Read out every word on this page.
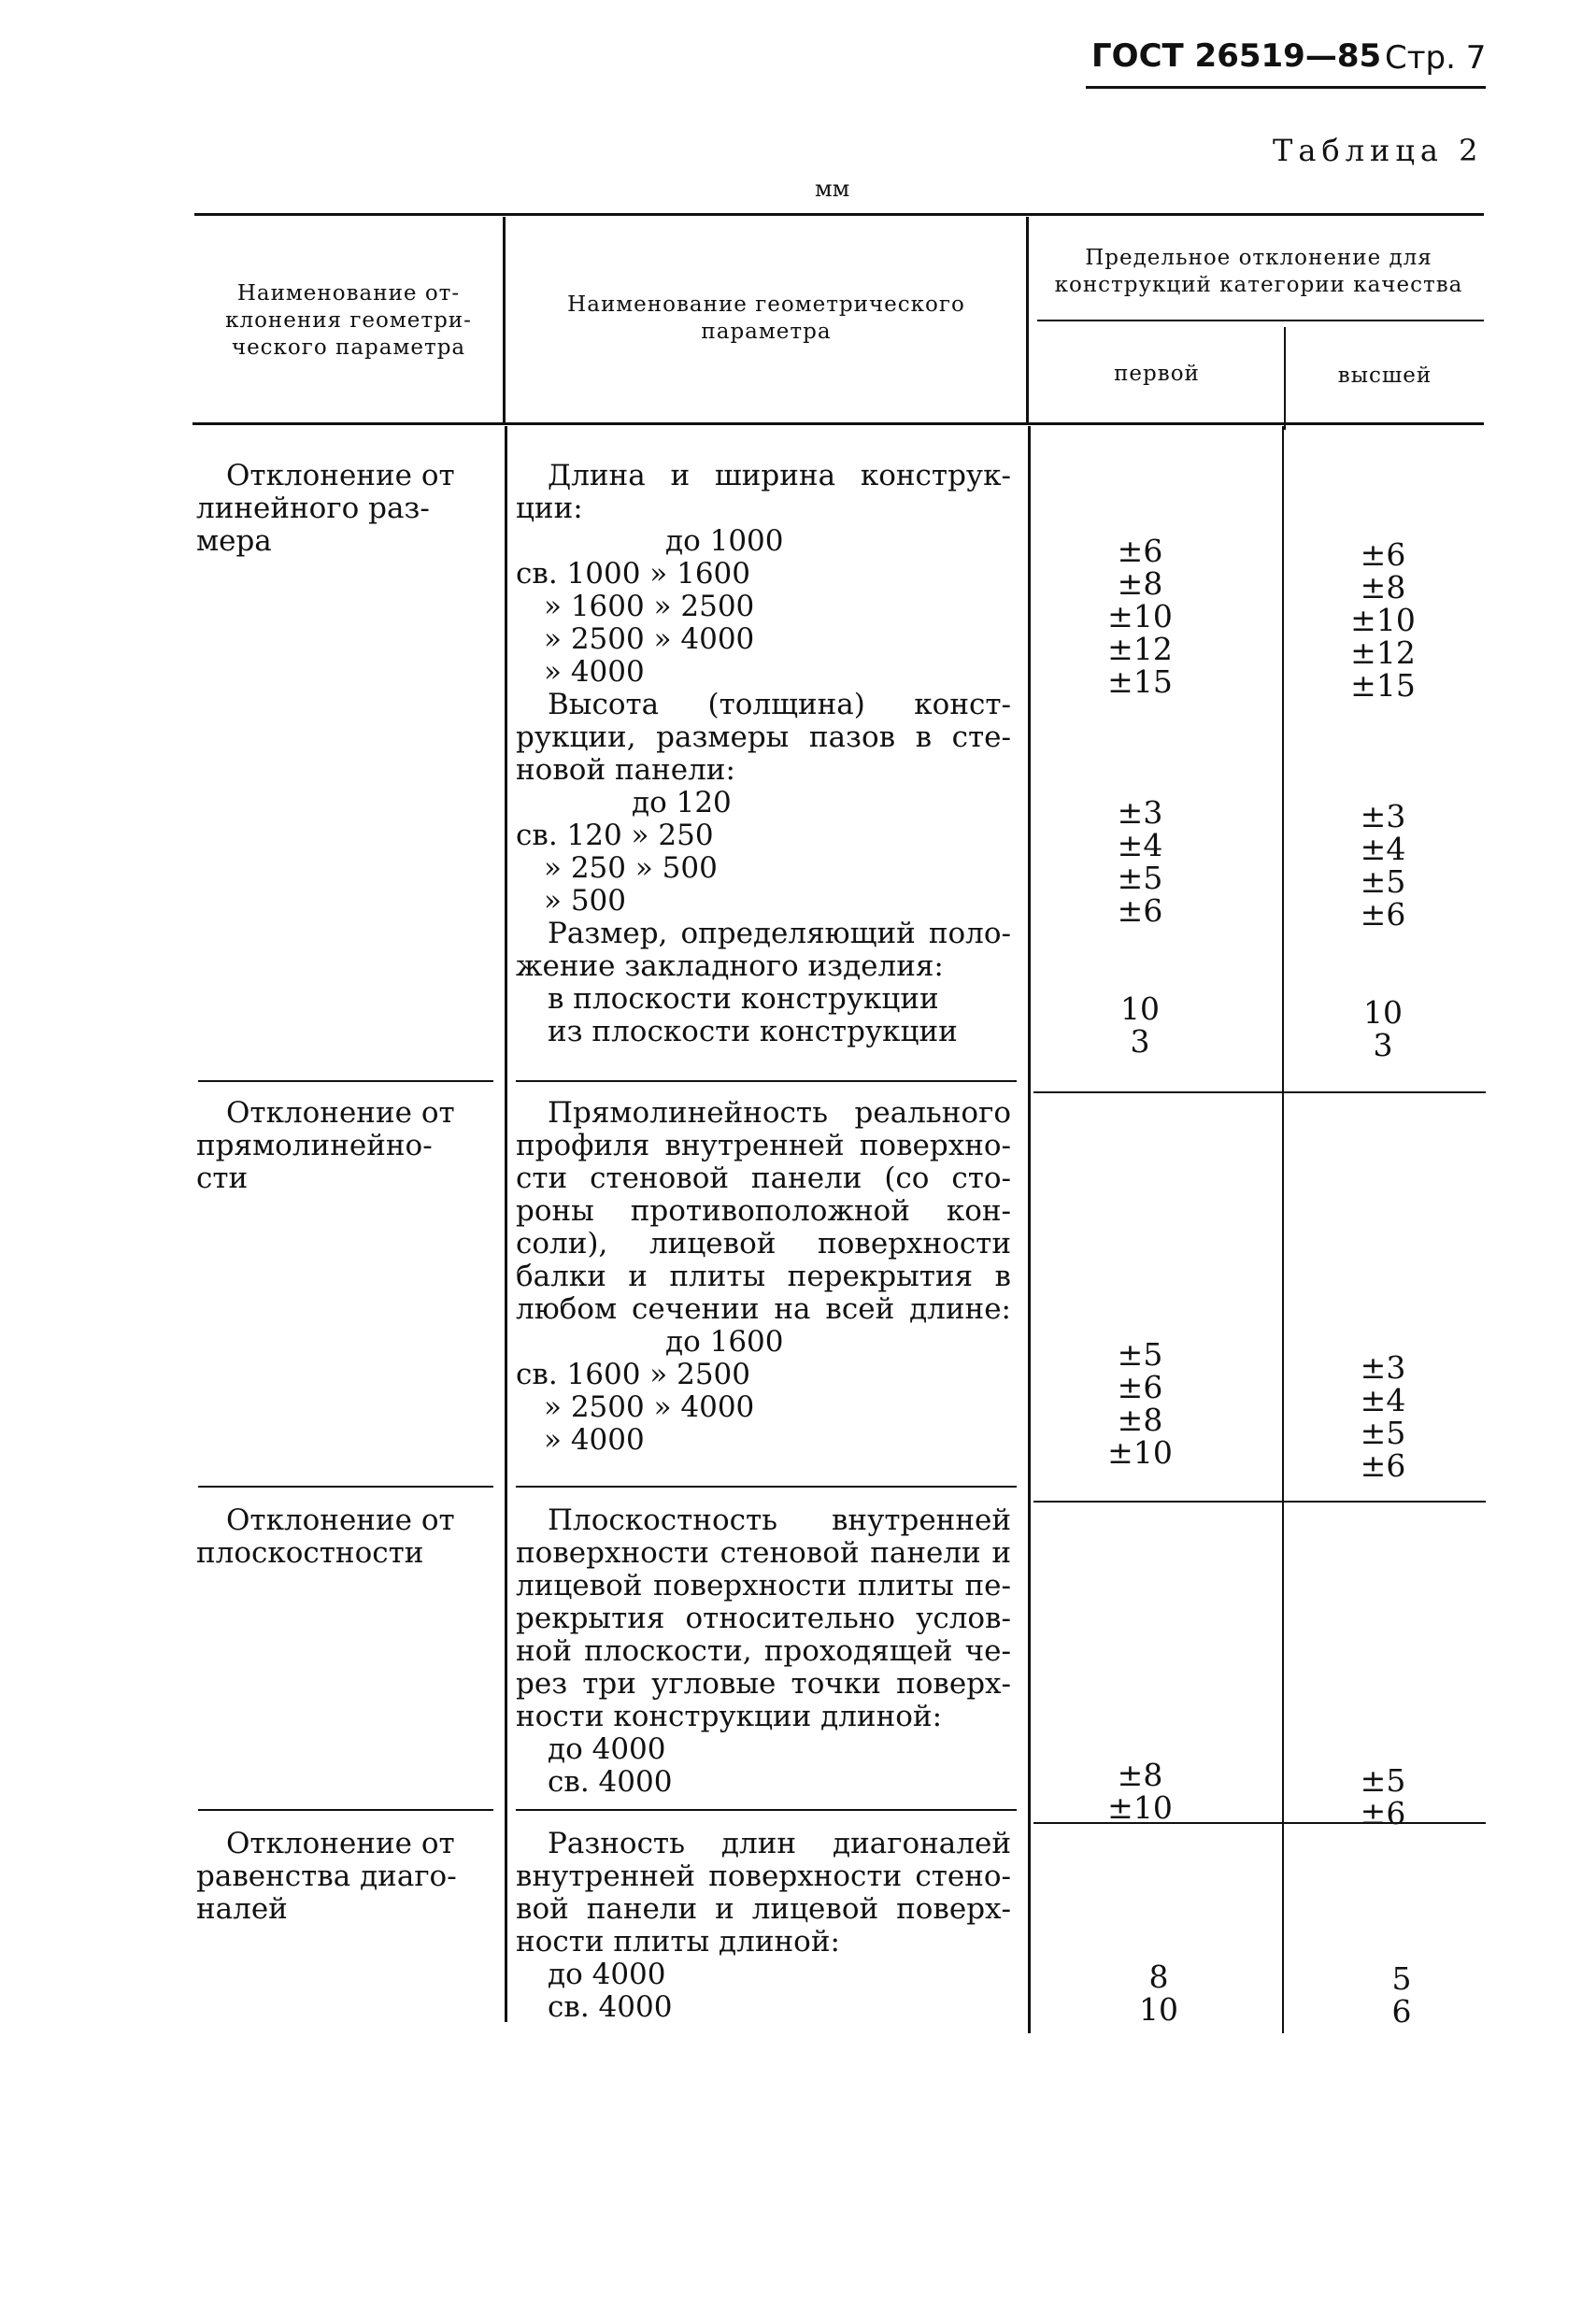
ГОСТ 26519—85 Стр. 7
Таблица 2
мм
Наименование от-
клонения геометри-
ческого параметра
Наименование геометрического
параметра
Предельное отклонение для
конструкций категории качества
первой	высшей
Отклонение от
линейного раз-
мера
Длина и ширина конструк-
ции:
до 1000
св. 1000 » 1600
» 1600 » 2500
» 2500 » 4000
» 4000
Высота (толщина) конст-
рукции, размеры пазов в сте-
новой панели:
до 120
св. 120 » 250
» 250 » 500
» 500
Размер, определяющий поло-
жение закладного изделия:
в плоскости конструкции
из плоскости конструкции
±6
±8
±10
±12
±15
±3
±4
±5
±6
10
3
±6
±8
±10
±12
±15
±3
±4
±5
±6
10
3
Отклонение от
прямолинейно-
сти
Прямолинейность реального
профиля внутренней поверхно-
сти стеновой панели (со сто-
роны противоположной кон-
соли), лицевой поверхности
балки и плиты перекрытия в
любом сечении на всей длине:
до 1600
св. 1600 » 2500
» 2500 » 4000
» 4000
±5
±6
±8
±10
±3
±4
±5
±6
Отклонение от
плоскостности
Плоскостность внутренней
поверхности стеновой панели и
лицевой поверхности плиты пе-
рекрытия относительно услов-
ной плоскости, проходящей че-
рез три угловые точки поверх-
ности конструкции длиной:
до 4000
св. 4000	±8
±10
±5
±6
Отклонение от
равенства диаго-
налей
Разность длин диагоналей
внутренней поверхности стено-
вой панели и лицевой поверх-
ности плиты длиной:
до 4000
св. 4000
8
10
5
6
